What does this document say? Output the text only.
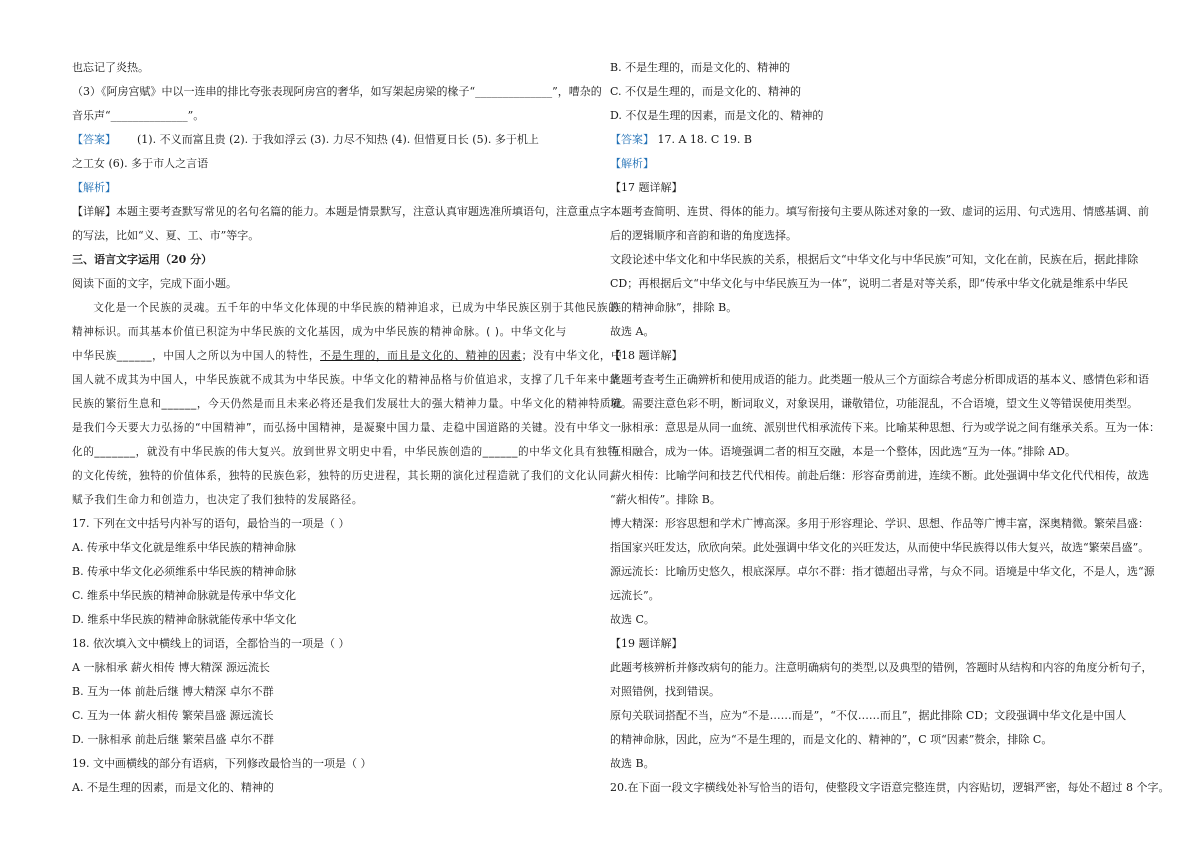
也忘记了炎热。
（3）《阿房宫赋》中以一连串的排比夸张表现阿房宫的奢华，如写架起房梁的椽子“______________”，嘈杂的
音乐声“______________”。
【答案】 (1). 不义而富且贵 (2). 于我如浮云 (3). 力尽不知热 (4). 但惜夏日长 (5). 多于机上
之工女 (6). 多于市人之言语
【解析】
【详解】本题主要考查默写常见的名句名篇的能力。本题是情景默写，注意认真审题选准所填语句，注意重点字
的写法，比如“义、夏、工、市”等字。
三、语言文字运用（20 分）
阅读下面的文字，完成下面小题。
文化是一个民族的灵魂。五千年的中华文化体现的中华民族的精神追求，已成为中华民族区别于其他民族的
精神标识。而其基本价值已积淀为中华民族的文化基因，成为中华民族的精神命脉。( )。中华文化与
中华民族______，中国人之所以为中国人的特性，不是生理的，而且是文化的、精神的因素；没有中华文化，中
国人就不成其为中国人，中华民族就不成其为中华民族。中华文化的精神品格与价值追求，支撑了几千年来中华
民族的繁衍生息和______，今天仍然是而且未来必将还是我们发展壮大的强大精神力量。中华文化的精神特质就
是我们今天要大力弘扬的“中国精神”，而弘扬中国精神，是凝聚中国力量、走稳中国道路的关键。没有中华文
化的_______，就没有中华民族的伟大复兴。放到世界文明史中看，中华民族创造的______的中华文化具有独特
的文化传统，独特的价值体系，独特的民族色彩，独特的历史进程，其长期的演化过程造就了我们的文化认同，
赋予我们生命力和创造力，也决定了我们独特的发展路径。
17. 下列在文中括号内补写的语句，最恰当的一项是（ ）
A. 传承中华文化就是维系中华民族的精神命脉
B. 传承中华文化必须维系中华民族的精神命脉
C. 维系中华民族的精神命脉就是传承中华文化
D. 维系中华民族的精神命脉就能传承中华文化
18. 依次填入文中横线上的词语，全都恰当的一项是（ ）
A 一脉相承 薪火相传 博大精深 源远流长
B. 互为一体 前赴后继 博大精深 卓尔不群
C. 互为一体 薪火相传 繁荣昌盛 源远流长
D. 一脉相承 前赴后继 繁荣昌盛 卓尔不群
19. 文中画横线的部分有语病，下列修改最恰当的一项是（ ）
A. 不是生理的因素，而是文化的、精神的
B. 不是生理的，而是文化的、精神的
C. 不仅是生理的，而是文化的、精神的
D. 不仅是生理的因素，而是文化的、精神的
【答案】 17. A 18. C 19. B
【解析】
【17 题详解】
本题考查简明、连贯、得体的能力。填写衔接句主要从陈述对象的一致、虚词的运用、句式选用、情感基调、前
后的逻辑顺序和音韵和谐的角度选择。
文段论述中华文化和中华民族的关系，根据后文“中华文化与中华民族”可知，文化在前，民族在后，据此排除
CD；再根据后文“中华文化与中华民族互为一体”，说明二者是对等关系，即“传承中华文化就是维系中华民
族的精神命脉”，排除 B。
故选 A。
【18 题详解】
此题考查考生正确辨析和使用成语的能力。此类题一般从三个方面综合考虑分析即成语的基本义、感情色彩和语
境。需要注意色彩不明，断词取义，对象误用，谦敬错位，功能混乱，不合语境，望文生义等错误使用类型。
一脉相承：意思是从同一血统、派别世代相承流传下来。比喻某种思想、行为或学说之间有继承关系。互为一体：
互相融合，成为一体。语境强调二者的相互交融，本是一个整体，因此选“互为一体。”排除 AD。
薪火相传：比喻学问和技艺代代相传。前赴后继：形容奋勇前进，连续不断。此处强调中华文化代代相传，故选
“薪火相传”。排除 B。
博大精深：形容思想和学术广博高深。多用于形容理论、学识、思想、作品等广博丰富，深奥精微。繁荣昌盛：
指国家兴旺发达，欣欣向荣。此处强调中华文化的兴旺发达，从而使中华民族得以伟大复兴，故选“繁荣昌盛”。
源远流长：比喻历史悠久，根底深厚。卓尔不群：指才德超出寻常，与众不同。语境是中华文化，不是人，选“源
远流长”。
故选 C。
【19 题详解】
此题考核辨析并修改病句的能力。注意明确病句的类型,以及典型的错例，答题时从结构和内容的角度分析句子，
对照错例，找到错误。
原句关联词搭配不当，应为“不是……而是”，“不仅……而且”，据此排除 CD；文段强调中华文化是中国人
的精神命脉，因此，应为“不是生理的，而是文化的、精神的”，C 项“因素”赘余，排除 C。
故选 B。
20.在下面一段文字横线处补写恰当的语句，使整段文字语意完整连贯，内容贴切，逻辑严密，每处不超过 8 个字。
